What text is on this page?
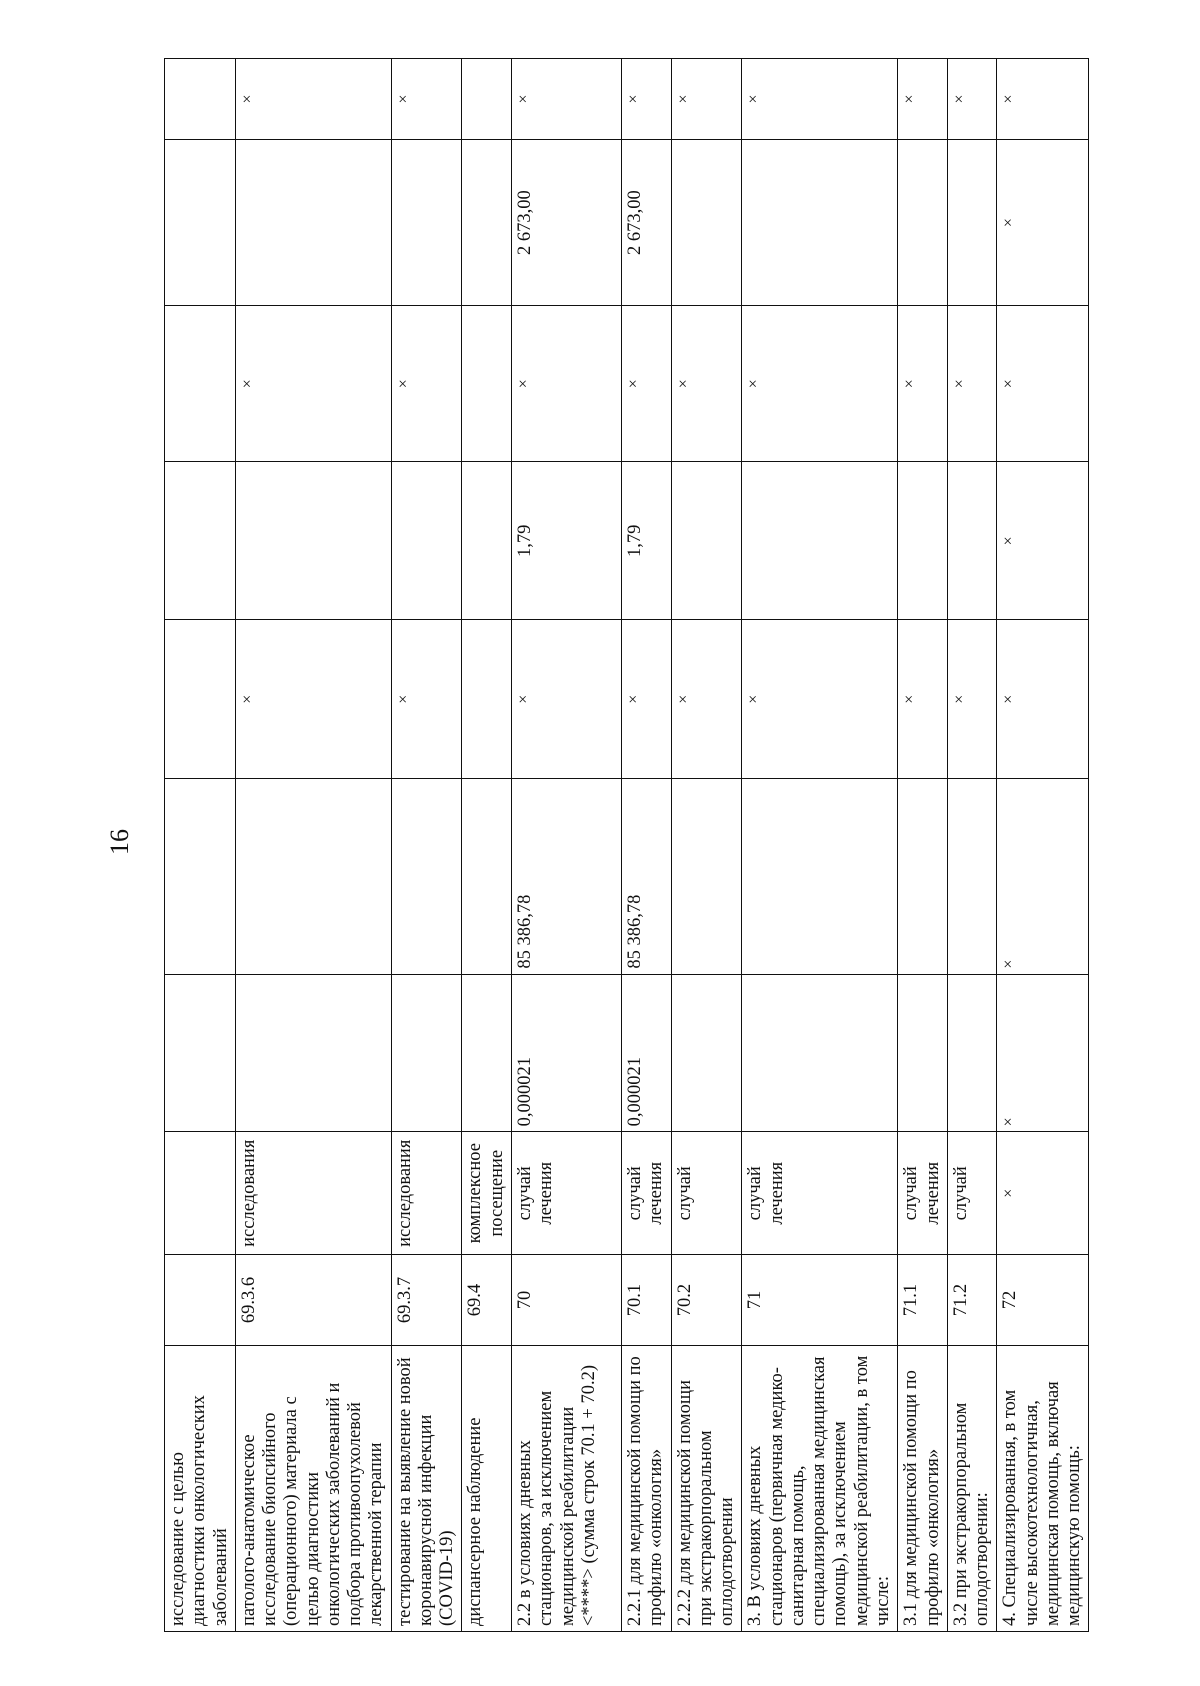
16
исследование с целью диагностики онкологических заболеваний									
патолого-анатомическое исследование биопсийного (операционного) материала с целью диагностики онкологических заболеваний и подбора противоопухолевой лекарственной терапии	69.3.6	исследования			×		×		×
тестирование на выявление новой коронавирусной инфекции (COVID-19)	69.3.7	исследования			×		×		×
диспансерное наблюдение	69.4	комплексное посещение							
2.2 в условиях дневных стационаров, за исключением медицинской реабилитации <****> (сумма строк 70.1 + 70.2)	70	случай лечения	0,000021	85 386,78	×	1,79	×	2 673,00	×
2.2.1 для медицинской помощи по профилю «онкология»	70.1	случай лечения	0,000021	85 386,78	×	1,79	×	2 673,00	×
2.2.2 для медицинской помощи при экстракорпоральном оплодотворении	70.2	случай			×		×		×
3. В условиях дневных стационаров (первичная медико-санитарная помощь, специализированная медицинская помощь), за исключением медицинской реабилитации, в том числе:	71	случай лечения			×		×		×
3.1 для медицинской помощи по профилю «онкология»	71.1	случай лечения			×		×		×
3.2 при экстракорпоральном оплодотворении:	71.2	случай			×		×		×
4. Специализированная, в том числе высокотехнологичная, медицинская помощь, включая медицинскую помощь:	72	×	×	×	×	×	×	×	×
